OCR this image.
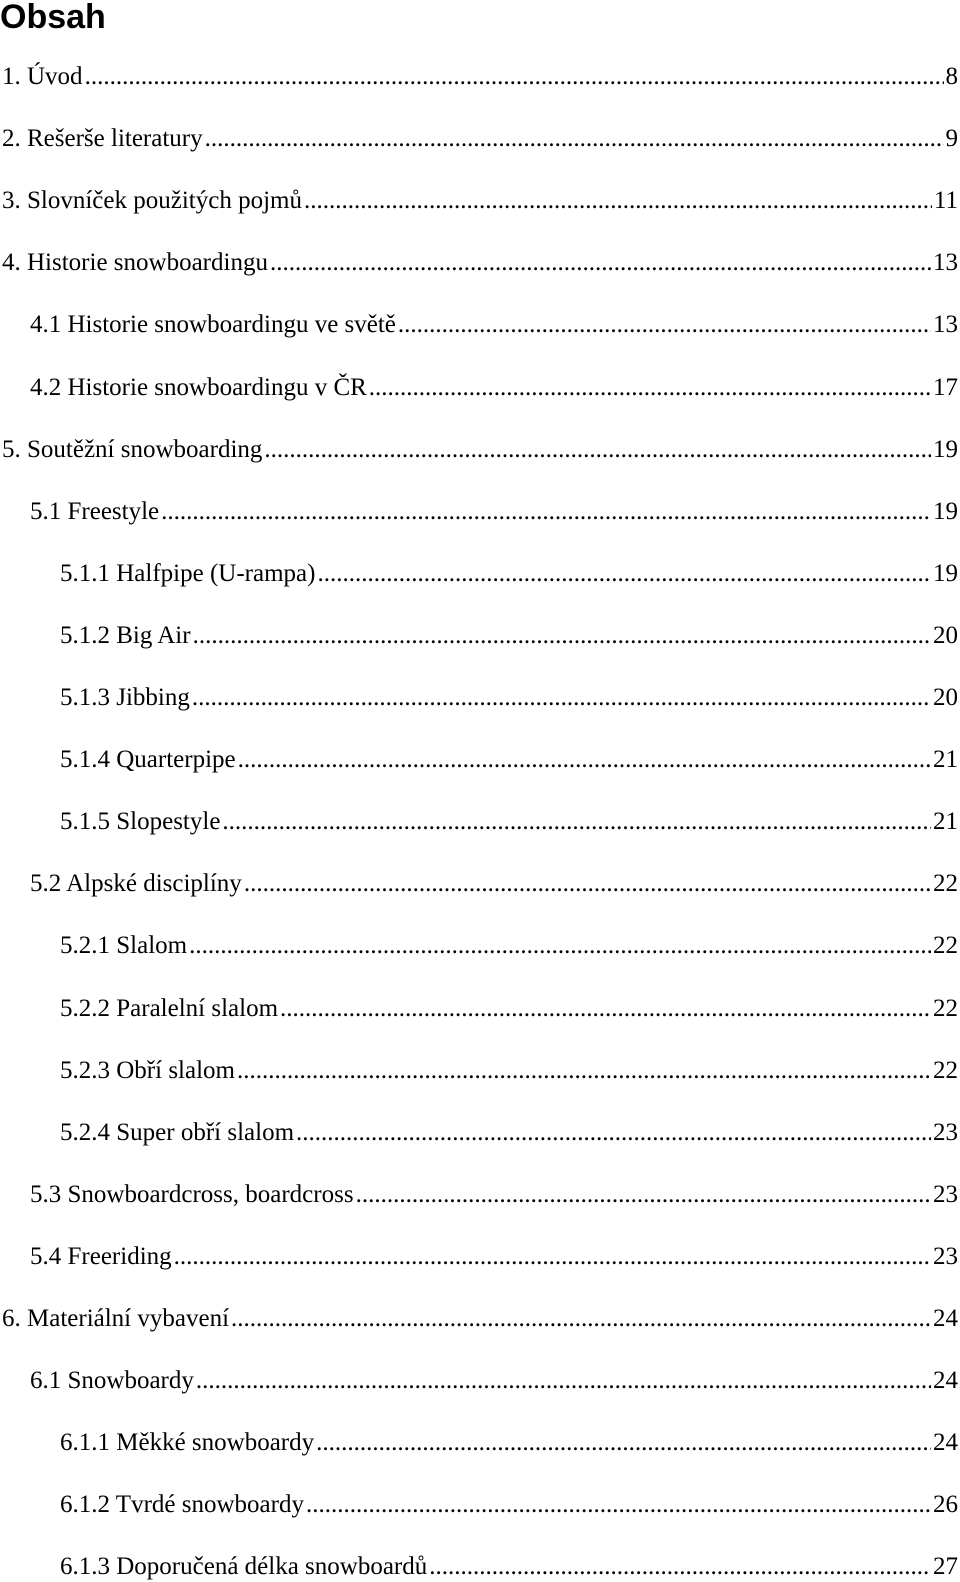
Obsah
1. Úvod .....	8
2. Rešerše literatury .....	9
3. Slovníček použitých pojmů .....	11
4. Historie snowboardingu .....	13
4.1 Historie snowboardingu ve světě .....	13
4.2 Historie snowboardingu v ČR .....	17
5. Soutěžní snowboarding .....	19
5.1 Freestyle .....	19
5.1.1 Halfpipe (U-rampa) .....	19
5.1.2 Big Air .....	20
5.1.3 Jibbing .....	20
5.1.4 Quarterpipe .....	21
5.1.5 Slopestyle .....	21
5.2 Alpské disciplíny .....	22
5.2.1 Slalom .....	22
5.2.2 Paralelní slalom .....	22
5.2.3 Obří slalom .....	22
5.2.4 Super obří slalom .....	23
5.3 Snowboardcross, boardcross .....	23
5.4 Freeriding .....	23
6. Materiální vybavení .....	24
6.1 Snowboardy .....	24
6.1.1 Měkké snowboardy .....	24
6.1.2 Tvrdé snowboardy .....	26
6.1.3 Doporučená délka snowboardů .....	27
